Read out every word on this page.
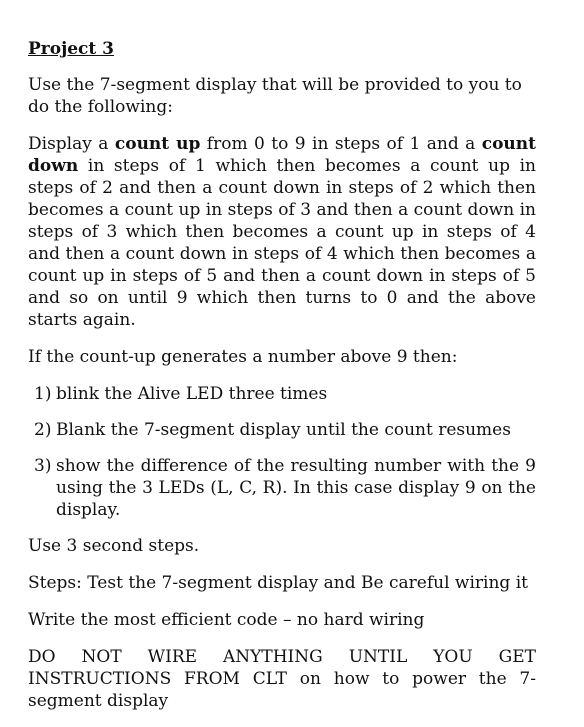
Project 3
Use the 7-segment display that will be provided to you to do the following:
Display a count up from 0 to 9 in steps of 1 and a count down in steps of 1 which then becomes a count up in steps of 2 and then a count down in steps of 2 which then becomes a count up in steps of 3 and then a count down in steps of 3 which then becomes a count up in steps of 4 and then a count down in steps of 4 which then becomes a count up in steps of 5 and then a count down in steps of 5 and so on until 9 which then turns to 0 and the above starts again.
If the count-up generates a number above 9 then:
1) blink the Alive LED three times
2) Blank the 7-segment display until the count resumes
3) show the difference of the resulting number with the 9 using the 3 LEDs (L, C, R). In this case display 9 on the display.
Use 3 second steps.
Steps: Test the 7-segment display and Be careful wiring it
Write the most efficient code – no hard wiring
DO NOT WIRE ANYTHING UNTIL YOU GET INSTRUCTIONS FROM CLT on how to power the 7-segment display
